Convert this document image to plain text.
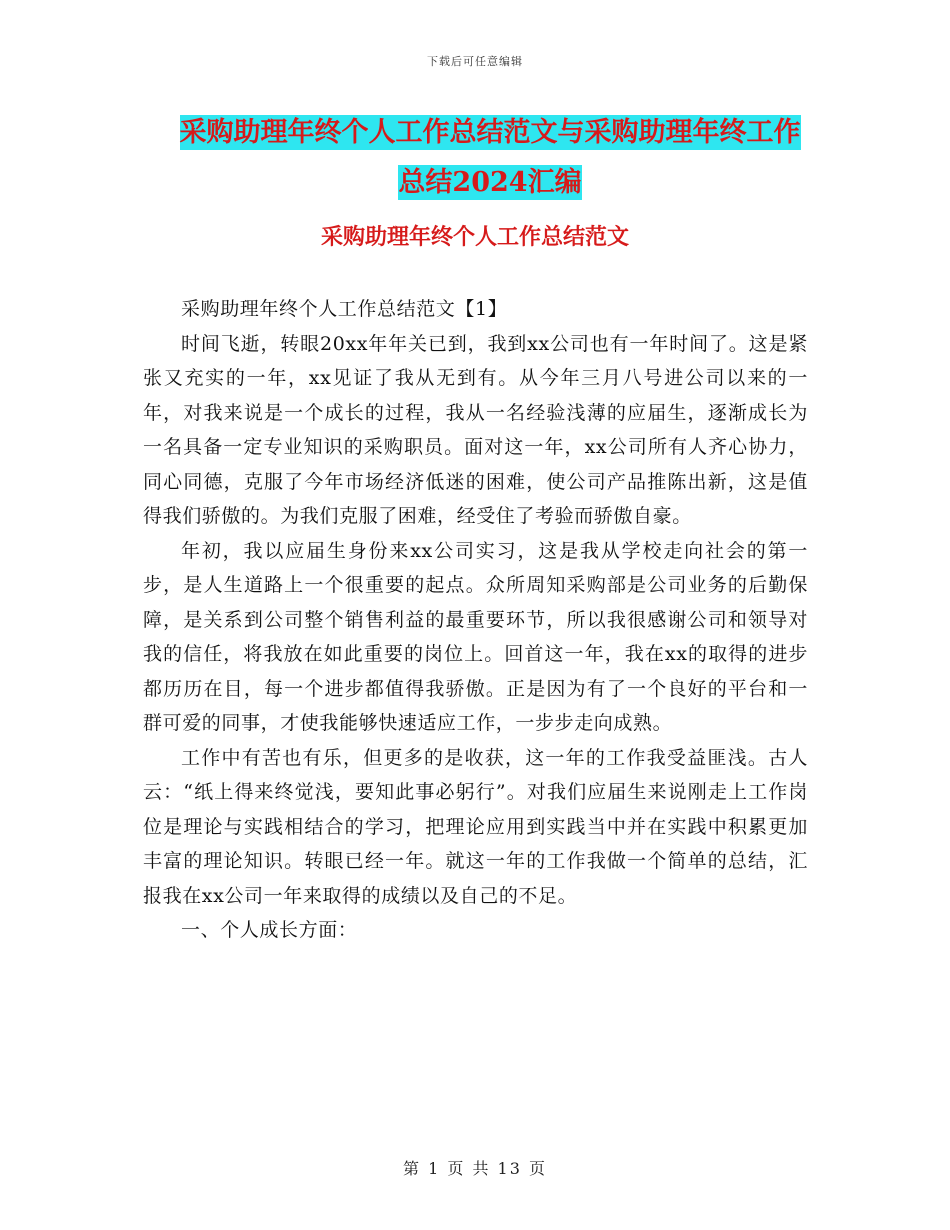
下载后可任意编辑
采购助理年终个人工作总结范文与采购助理年终工作
总结2024汇编
采购助理年终个人工作总结范文

采购助理年终个人工作总结范文【1】

时间飞逝，转眼20xx年年关已到，我到xx公司也有一年时间了。这是紧张又充实的一年，xx见证了我从无到有。从今年三月八号进公司以来的一年，对我来说是一个成长的过程，我从一名经验浅薄的应届生，逐渐成长为一名具备一定专业知识的采购职员。面对这一年，xx公司所有人齐心协力，同心同德，克服了今年市场经济低迷的困难，使公司产品推陈出新，这是值得我们骄傲的。为我们克服了困难，经受住了考验而骄傲自豪。

年初，我以应届生身份来xx公司实习，这是我从学校走向社会的第一步，是人生道路上一个很重要的起点。众所周知采购部是公司业务的后勤保障，是关系到公司整个销售利益的最重要环节，所以我很感谢公司和领导对我的信任，将我放在如此重要的岗位上。回首这一年，我在xx的取得的进步都历历在目，每一个进步都值得我骄傲。正是因为有了一个良好的平台和一群可爱的同事，才使我能够快速适应工作，一步步走向成熟。

工作中有苦也有乐，但更多的是收获，这一年的工作我受益匪浅。古人云：“纸上得来终觉浅，要知此事必躬行”。对我们应届生来说刚走上工作岗位是理论与实践相结合的学习，把理论应用到实践当中并在实践中积累更加丰富的理论知识。转眼已经一年。就这一年的工作我做一个简单的总结，汇报我在xx公司一年来取得的成绩以及自己的不足。

一、个人成长方面：

第 1 页 共 13 页
